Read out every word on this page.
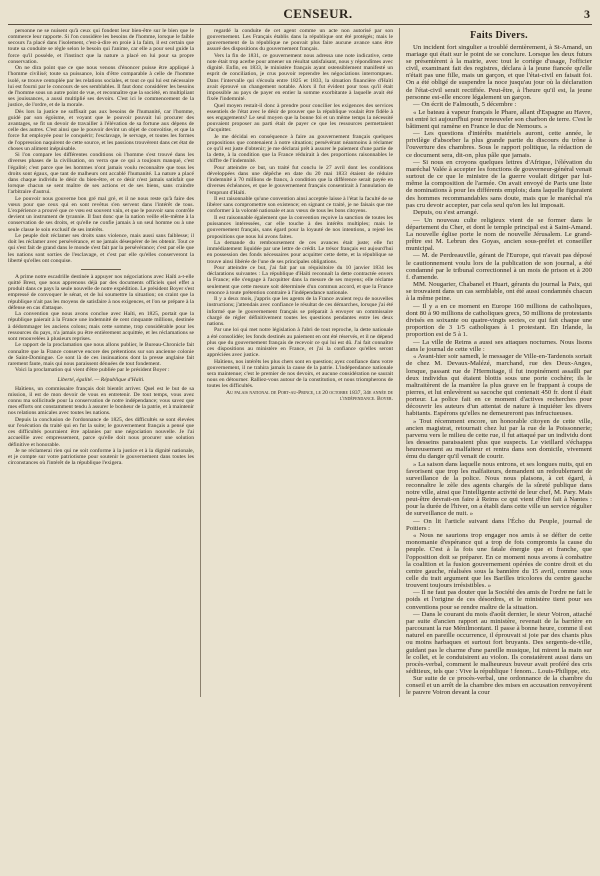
CENSEUR.	3

personne ne se nuisent qu'à ceux qui fondent leur bien-être sur le bien que le commerce leur rapporte. Si l'on considère les besoins de l'homme, lorsque le faible secours l'a placé dans l'isolement, c'est-à-dire en proie à la faim, il est certain que toute sa conduite se règle selon le besoin qui l'anime, car elle a pour seul guide la force qu'il possède, et l'instinct que la nature a placé en lui pour sa propre conservation.

On ne dira point que ce que nous venons d'énoncer puisse être appliqué à l'homme civilisé; toute sa puissance, loin d'être comparable à celle de l'homme isolé, se trouve centuplée par les relations sociales, et tout ce qui lui est nécessaire lui est fourni par le concours de ses semblables. Il faut donc considérer les besoins de l'homme sous un autre point de vue, et reconnaître que la société, en multipliant ses jouissances, a aussi multiplié ses devoirs. C'est ici le commencement de la justice, de l'ordre, et de la morale.

Dès lors la justice ne suffisait pas aux besoins de l'humanité, car l'homme, guidé par son égoïsme, et voyant que le pouvoir pouvait lui procurer des avantages, se fit un devoir de travailler à l'élévation de sa fortune aux dépens de celle des autres. C'est ainsi que le pouvoir devint un objet de convoitise, et que la force fut employée pour le conquérir; l'esclavage, le servage, et toutes les formes de l'oppression naquirent de cette source, et les passions trouvèrent dans cet état de choses un aliment inépuisable.

Si l'on compare les différentes conditions où l'homme s'est trouvé dans les diverses phases de la civilisation, on verra que ce qui a toujours manqué, c'est l'égalité; c'est parce que les hommes n'ont jamais voulu reconnaître que tous les droits sont égaux, que tant de malheurs ont accablé l'humanité. La nature a placé dans chaque individu le désir du bien-être, et ce désir n'est jamais satisfait que lorsque chacun se sent maître de ses actions et de ses biens, sans craindre l'arbitraire d'autrui.

Le pouvoir nous gouverne bon gré mal gré, et il ne nous reste qu'à faire des vœux pour que ceux qui en sont revêtus s'en servent dans l'intérêt de tous. L'expérience a prouvé que ce vœu est souvent vain, et que le pouvoir sans contrôle devient un instrument de tyrannie. Il faut donc que la nation veille elle-même à la conservation de ses droits, et qu'elle ne confie jamais à un seul homme ou à une seule classe le soin exclusif de ses intérêts.

Le peuple doit réclamer ses droits sans violence, mais aussi sans faiblesse; il doit les réclamer avec persévérance, et ne jamais désespérer de les obtenir. Tout ce qui s'est fait de grand dans le monde s'est fait par la persévérance; c'est par elle que les nations sont sorties de l'esclavage, et c'est par elle qu'elles conserveront la liberté qu'elles ont conquise.

A prime notre escadrille destinée à appuyer nos négociations avec Haïti a-t-elle quitté Brest, que nous apprenons déjà par des documents officiels quel effet a produit dans ce pays la seule nouvelle de notre expédition. Le président Boyer s'est empressé de convoquer le sénat, et de lui soumettre la situation; on craint que la république n'ait pas les moyens de satisfaire à nos exigences, et l'on se prépare à la défense en cas d'attaque.

La convention que nous avons conclue avec Haïti, en 1825, portait que la république paierait à la France une indemnité de cent cinquante millions, destinée à dédommager les anciens colons; mais cette somme, trop considérable pour les ressources du pays, n'a jamais pu être entièrement acquittée, et les réclamations se sont renouvelées à plusieurs reprises.

Le rapport de la proclamation que nous allons publier, le Bureau-Chronicle fait connaître que la France conserve encore des prétentions sur son ancienne colonie de Saint-Domingue. Ce sont là de ces insinuations dont la presse anglaise fait rarement faute, mais qui nous paraissent dénuées de tout fondement.

Voici la proclamation qui vient d'être publiée par le président Boyer :

Liberté, égalité. — République d'Haïti.

Haïtiens, un commissaire français doit bientôt arriver. Quel est le but de sa mission, il est de mon devoir de vous en entretenir. De tout temps, vous avez connu ma sollicitude pour la conservation de notre indépendance; vous savez que mes efforts ont constamment tendu à assurer le bonheur de la patrie, et à maintenir nos relations amicales avec toutes les nations.

Depuis la conclusion de l'ordonnance de 1825, des difficultés se sont élevées sur l'exécution du traité qui en fut la suite; le gouvernement français a pensé que ces difficultés pourraient être aplanies par une négociation nouvelle. Je l'ai accueillie avec empressement, parce qu'elle doit nous procurer une solution définitive et honorable.

Je ne réclamerai rien qui ne soit conforme à la justice et à la dignité nationale, et je compte sur votre patriotisme pour soutenir le gouvernement dans toutes les circonstances où l'intérêt de la république l'exigera.

regardé la conduite de cet agent comme un acte non autorisé par son gouvernement. Les Français établis dans la république ont été protégés; mais le gouvernement de la république ne pouvait plus faire aucune avance sans être assuré des dispositions du gouvernement français.

Vers la fin de 1831, ce gouvernement nous adressa une note indicative, cette note était trop acerbe pour amener un résultat satisfaisant, nous y répondîmes avec dignité. Enfin, en 1833, le ministère français ayant ostensiblement manifesté un esprit de conciliation, je crus pouvoir reprendre les négociations interrompues. Dans l'intervalle qui s'écoula entre 1825 et 1833, la situation financière d'Haïti avait éprouvé un changement notable. Alors il fut évident pour tous qu'il était impossible au pays de payer en entier la somme exorbitante à laquelle avait été fixée l'indemnité.

Quel moyen restait-il donc à prendre pour concilier les exigences des services essentiels de l'état avec le désir de prouver que la république voulait être fidèle à ses engagements? Le seul moyen que la bonne foi et un même temps la nécessité pouvaient proposer au parti était de payer ce que les ressources permettaient d'acquitter.

Je me décidai en conséquence à faire au gouvernement français quelques propositions que contenaient à notre situation; persévérant néanmoins à réclamer ce qu'il est juste d'obtenir; je me déclarai prêt à assurer le paiement d'une partie de la dette, à la condition que la France réduirait à des proportions raisonnables le chiffre de l'indemnité.

Pour atteindre ce but, un traité fut conclu le 27 avril dont les conditions développées dans une dépêche en date du 20 mai 1833 étaient de réduire l'indemnité à 70 millions de francs, à condition que la différence serait payée en diverses échéances, et que le gouvernement français consentirait à l'annulation de l'emprunt d'Haïti.

Il est raisonnable qu'une convention ainsi acceptée laisse à l'état la faculté de se libérer sans compromettre son existence; en signant ce traité, je ne faisais que me conformer à la volonté nationale et aux vœux de tous les bons citoyens.

Il est raisonnable également que la convention reçoive la sanction de toutes les puissances intéressées, car elle touche à des intérêts multiples; mais le gouvernement français, sans égard pour la loyauté de nos intentions, a rejeté les propositions que nous lui avons faites.

La demande du remboursement de ces avances était juste; elle fut immédiatement liquidée par une lettre de crédit. Le trésor français est aujourd'hui en possession des fonds nécessaires pour acquitter cette dette, et la république se trouve ainsi libérée de l'une de ses principales obligations.

Pour atteindre ce but, j'ai fait par un réquisitoire du 10 janvier 1834 les déclarations suivantes : La république d'Haïti reconnaît la dette contractée envers la France; elle s'engage à l'acquitter dans la mesure de ses moyens; elle réclame seulement que cette mesure soit déterminée d'un commun accord, et que la France renonce à toute prétention contraire à l'indépendance nationale.

Il y a deux mois, j'appris que les agents de la France avaient reçu de nouvelles instructions; j'attendais avec confiance le résultat de ces démarches, lorsque j'ai été informé que le gouvernement français se préparait à envoyer un commissaire chargé de régler définitivement toutes les questions pendantes entre les deux nations.

Par une loi qui met notre législation à l'abri de tout reproche, la dette nationale a été consolidée; les fonds destinés au paiement en ont été réservés, et il ne dépend plus que du gouvernement français de recevoir ce qui lui est dû. J'ai fait connaître ces dispositions au ministère en France, et j'ai la confiance qu'elles seront appréciées avec justice.

Haïtiens, nos intérêts les plus chers sont en question; ayez confiance dans votre gouvernement, il ne trahira jamais la cause de la patrie. L'indépendance nationale sera maintenue; c'est le premier de nos devoirs, et aucune considération ne saurait nous en détourner. Ralliez-vous autour de la constitution, et nous triompherons de toutes les difficultés.

Au palais national de Port-au-Prince, le 20 octobre 1837, 34e année de l'indépendance. Boyer.

Faits Divers.

Un incident fort singulier a troublé dernièrement, à St-Amand, un mariage qui était sur le point de se conclure. Lorsque les deux futurs se présentèrent à la mairie, avec tout le cortège d'usage, l'officier civil, examinant fait des registres, déclara à la jeune fiancée qu'elle n'était pas une fille, mais un garçon, et que l'état-civil en faisait foi. On a été obligé de suspendre la noce jusqu'au jour où la déclaration de l'état-civil serait rectifiée. Peut-être, à l'heure qu'il est, la jeune personne est-elle encore légalement un garçon.

— On écrit de Falmouth, 5 décembre :

« Le bateau à vapeur français le Phare, allant d'Espagne au Havre, est entré ici aujourd'hui pour renouveler son charbon de terre. C'est le bâtiment qui ramène en France le duc de Nemours. »

— Les questions d'intérêts matériels auront, cette année, le privilège d'absorber la plus grande partie du discours du trône à l'ouverture des chambres. Sous le rapport politique, la rédaction de ce document sera, dit-on, plus pâle que jamais.

— Si nous en croyons quelques lettres d'Afrique, l'élévation du maréchal Valée à accepter les fonctions de gouverneur-général venait surtout de ce que le ministre de la guerre voulait diriger par lui-même la composition de l'armée. On avait envoyé de Paris une liste de nominations à pour les différents emplois; dans laquelle figuraient des hommes recommandables sans doute, mais que le maréchal n'a pas cru devoir accepter, par cela seul qu'on les lui imposait.

Depuis, ou s'est arrangé.

— Un nouveau culte religieux vient de se former dans le département du Cher, et dont le temple principal est à Saint-Amand. La nouvelle église porte le nom de nouvelle Jérusalem. Le grand-prêtre est M. Lebrun des Goyas, ancien sous-préfet et conseiller municipal.

— M. de Perdreauville, gérant de l'Europe, qui n'avait pas déposé le cautionnement voulu lors de la publication de son journal, a été condamné par le tribunal correctionnel à un mois de prison et à 200 f. d'amende.

MM. Nougarier, Chabanel et Huart, gérants du journal la Paix, qui se trouvaient dans un cas semblable, ont été aussi condamnés chacun à la même peine.

— Il y a en ce moment en Europe 160 millions de catholiques, dont 80 à 90 millions de catholiques grecs, 50 millions de protestants divisés en soixante ou quatre-vingts sectes, ce qui fait chaque une proportion de 3 1/5 catholiques à 1 protestant. En Irlande, la proportion est de 5 à 1.

— La ville de Reims a aussi ses attaques nocturnes. Nous lisons dans le journal de cette ville :

« Avant-hier soir samedi, le messager de Ville-en-Tardenois sortait de chez M. Devaux-Malézé, marchand, rue des Deux-Anges, lorsque, passant rue de l'Hermitage, il fut inopinément assailli par deux individus qui étaient blottis sous une porte cochère; ils le maltraitèrent de la manière la plus grave en le frappant à coups de pierres, et lui enlevèrent sa sacoche qui contenait 450 fr. dont il était porteur. La police fait en ce moment d'actives recherches pour découvrir les auteurs d'un attentat de nature à inquiéter les divers habitants. Espérons qu'elles ne demeureront pas infructueuses.

» Tout récemment encore, un honorable citoyen de cette ville, ancien magistrat, retournait chez lui par la rue de la Poissonnerie; parvenu vers le milieu de cette rue, il fut attaqué par un individu dont les desseins paraissaient plus que suspects. Le vieillard s'échappa heureusement au malfaiteur et rentra dans son domicile, vivement ému du danger qu'il venait de courir.

» La saison dans laquelle nous entrons, et ses longues nuits, qui en favorisent que trop les malfaiteurs, demandent un redoublement de surveillance de la police. Nous nous plaisons, à cet égard, à reconnaître le zèle des agents chargés de la sûreté publique dans notre ville, ainsi que l'intelligente activité de leur chef, M. Pary. Mais peut-être devrait-on faire à Reims ce qui vient d'être fait à Nantes : pour la durée de l'hiver, on a établi dans cette ville un service régulier de surveillance de nuit. »

— On lit l'article suivant dans l'Écho du Peuple, journal de Poitiers :

« Nous ne saurions trop engager nos amis à se défier de cette monomanie d'espérance qui a trop de fois compromis la cause du peuple. C'est à la fois une fatale énergie que et franche, que l'opposition doit se préparer. En ce moment nous avons à combattre la coalition et la fusion gouvernement opérées de contre droit et du centre gauche, réalisées sous la bannière du 15 avril, comme sous celle du trait argument que les Barilles tricolores du centre gauche trouvent toujours irrésistibles. »

— Il ne faut pas douter que la Société des amis de l'ordre ne fait le poids et l'origine de ces désordres, et le ministère tient pour ses conventions pour se rendre maître de la situation.

— Dans le courant du mois d'août dernier, le sieur Voiron, attaché par suite d'ancien rapport au ministère, revenait de la barrière en parcourant la rue Ménilmontant. Il passe à bonne heure, comme il est naturel en pareille occurrence, il éprouvait si joie par des chants plus ou moins harbaques et surtout fort bruyants. Des sergents-de-ville, guidant pas le charme d'une pareille musique, lui mirent la main sur le collet, et le conduisirent au violon. Ils constatèrent aussi dans un procès-verbal, comment le malheureux buveur avait proféré des cris séditieux, tels que : Vive la république ! fenom... Louis-Philippe, etc.

Sur suite de ce procès-verbal, une ordonnance de la chambre du conseil et un arrêt de la chambre des mises en accusation renvoyèrent le pauvre Voiron devant la cour
